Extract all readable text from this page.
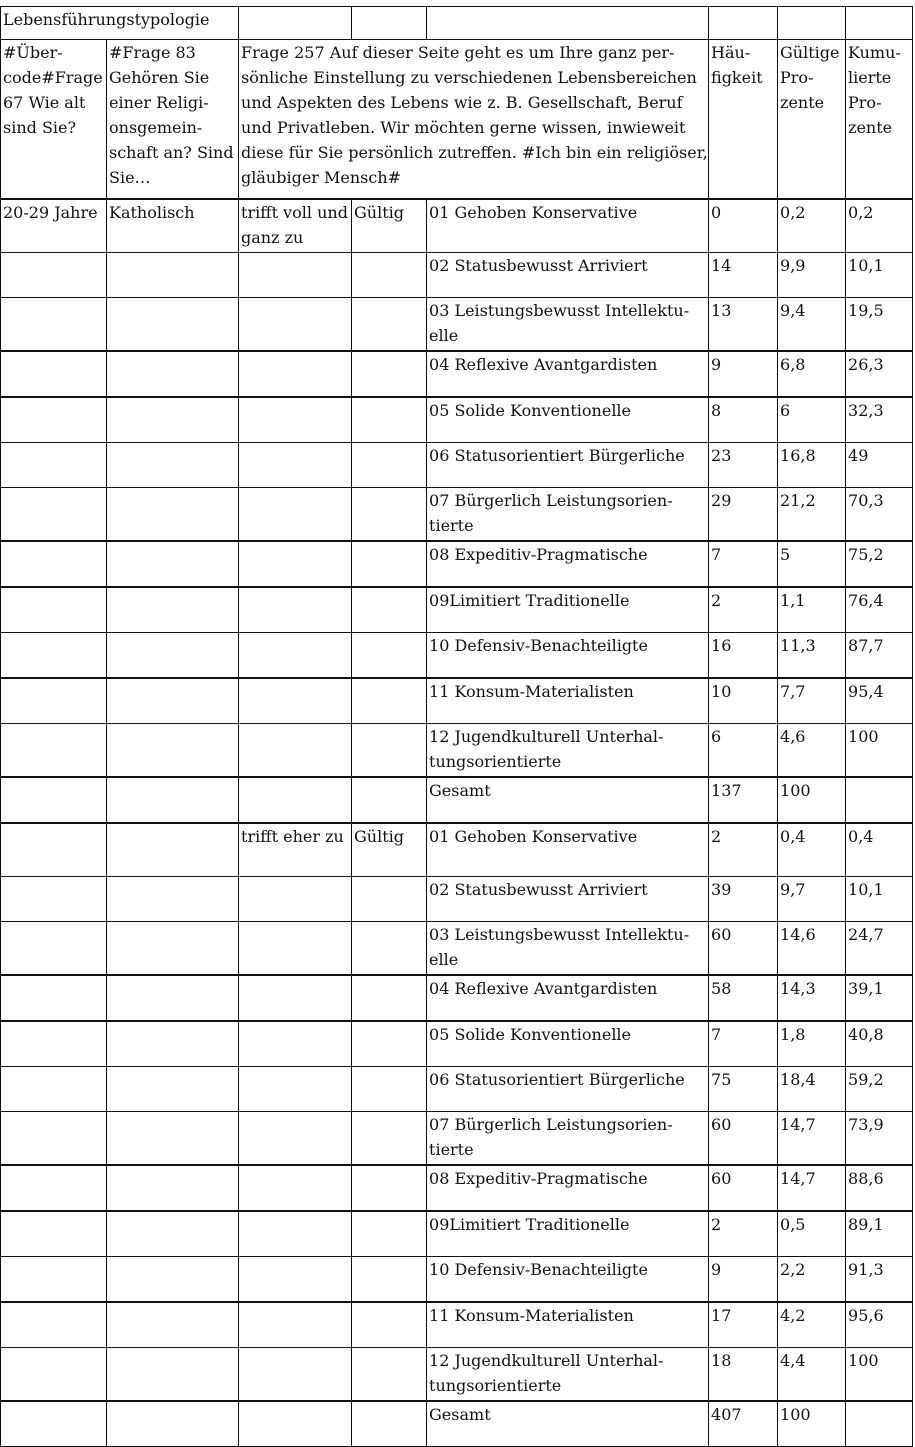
Lebensführungstypologie							
#Übercode#Frage 67 Wie alt sind Sie?	#Frage 83 Gehören Sie einer Religionsgemeinschaft an? Sind Sie…	Frage 257 Auf dieser Seite geht es um Ihre ganz persönliche Einstellung zu verschiedenen Lebensbereichen und Aspekten des Lebens wie z. B. Gesellschaft, Beruf und Privatleben. Wir möchten gerne wissen, inwieweit diese für Sie persönlich zutreffen. #Ich bin ein religiöser, gläubiger Mensch#			Häufigkeit	Gültige Prozente	Kumulierte Prozente
20-29 Jahre	Katholisch	trifft voll und ganz zu	Gültig	01 Gehoben Konservative	0	0,2	0,2
				02 Statusbewusst Arriviert	14	9,9	10,1
				03 Leistungsbewusst Intellektuelle	13	9,4	19,5
				04 Reflexive Avantgardisten	9	6,8	26,3
				05 Solide Konventionelle	8	6	32,3
				06 Statusorientiert Bürgerliche	23	16,8	49
				07 Bürgerlich Leistungsorientierte	29	21,2	70,3
				08 Expeditiv-Pragmatische	7	5	75,2
				09Limitiert Traditionelle	2	1,1	76,4
				10 Defensiv-Benachteiligte	16	11,3	87,7
				11 Konsum-Materialisten	10	7,7	95,4
				12 Jugendkulturell Unterhaltungsorientierte	6	4,6	100
				Gesamt	137	100	
		trifft eher zu	Gültig	01 Gehoben Konservative	2	0,4	0,4
				02 Statusbewusst Arriviert	39	9,7	10,1
				03 Leistungsbewusst Intellektuelle	60	14,6	24,7
				04 Reflexive Avantgardisten	58	14,3	39,1
				05 Solide Konventionelle	7	1,8	40,8
				06 Statusorientiert Bürgerliche	75	18,4	59,2
				07 Bürgerlich Leistungsorientierte	60	14,7	73,9
				08 Expeditiv-Pragmatische	60	14,7	88,6
				09Limitiert Traditionelle	2	0,5	89,1
				10 Defensiv-Benachteiligte	9	2,2	91,3
				11 Konsum-Materialisten	17	4,2	95,6
				12 Jugendkulturell Unterhaltungsorientierte	18	4,4	100
				Gesamt	407	100	
